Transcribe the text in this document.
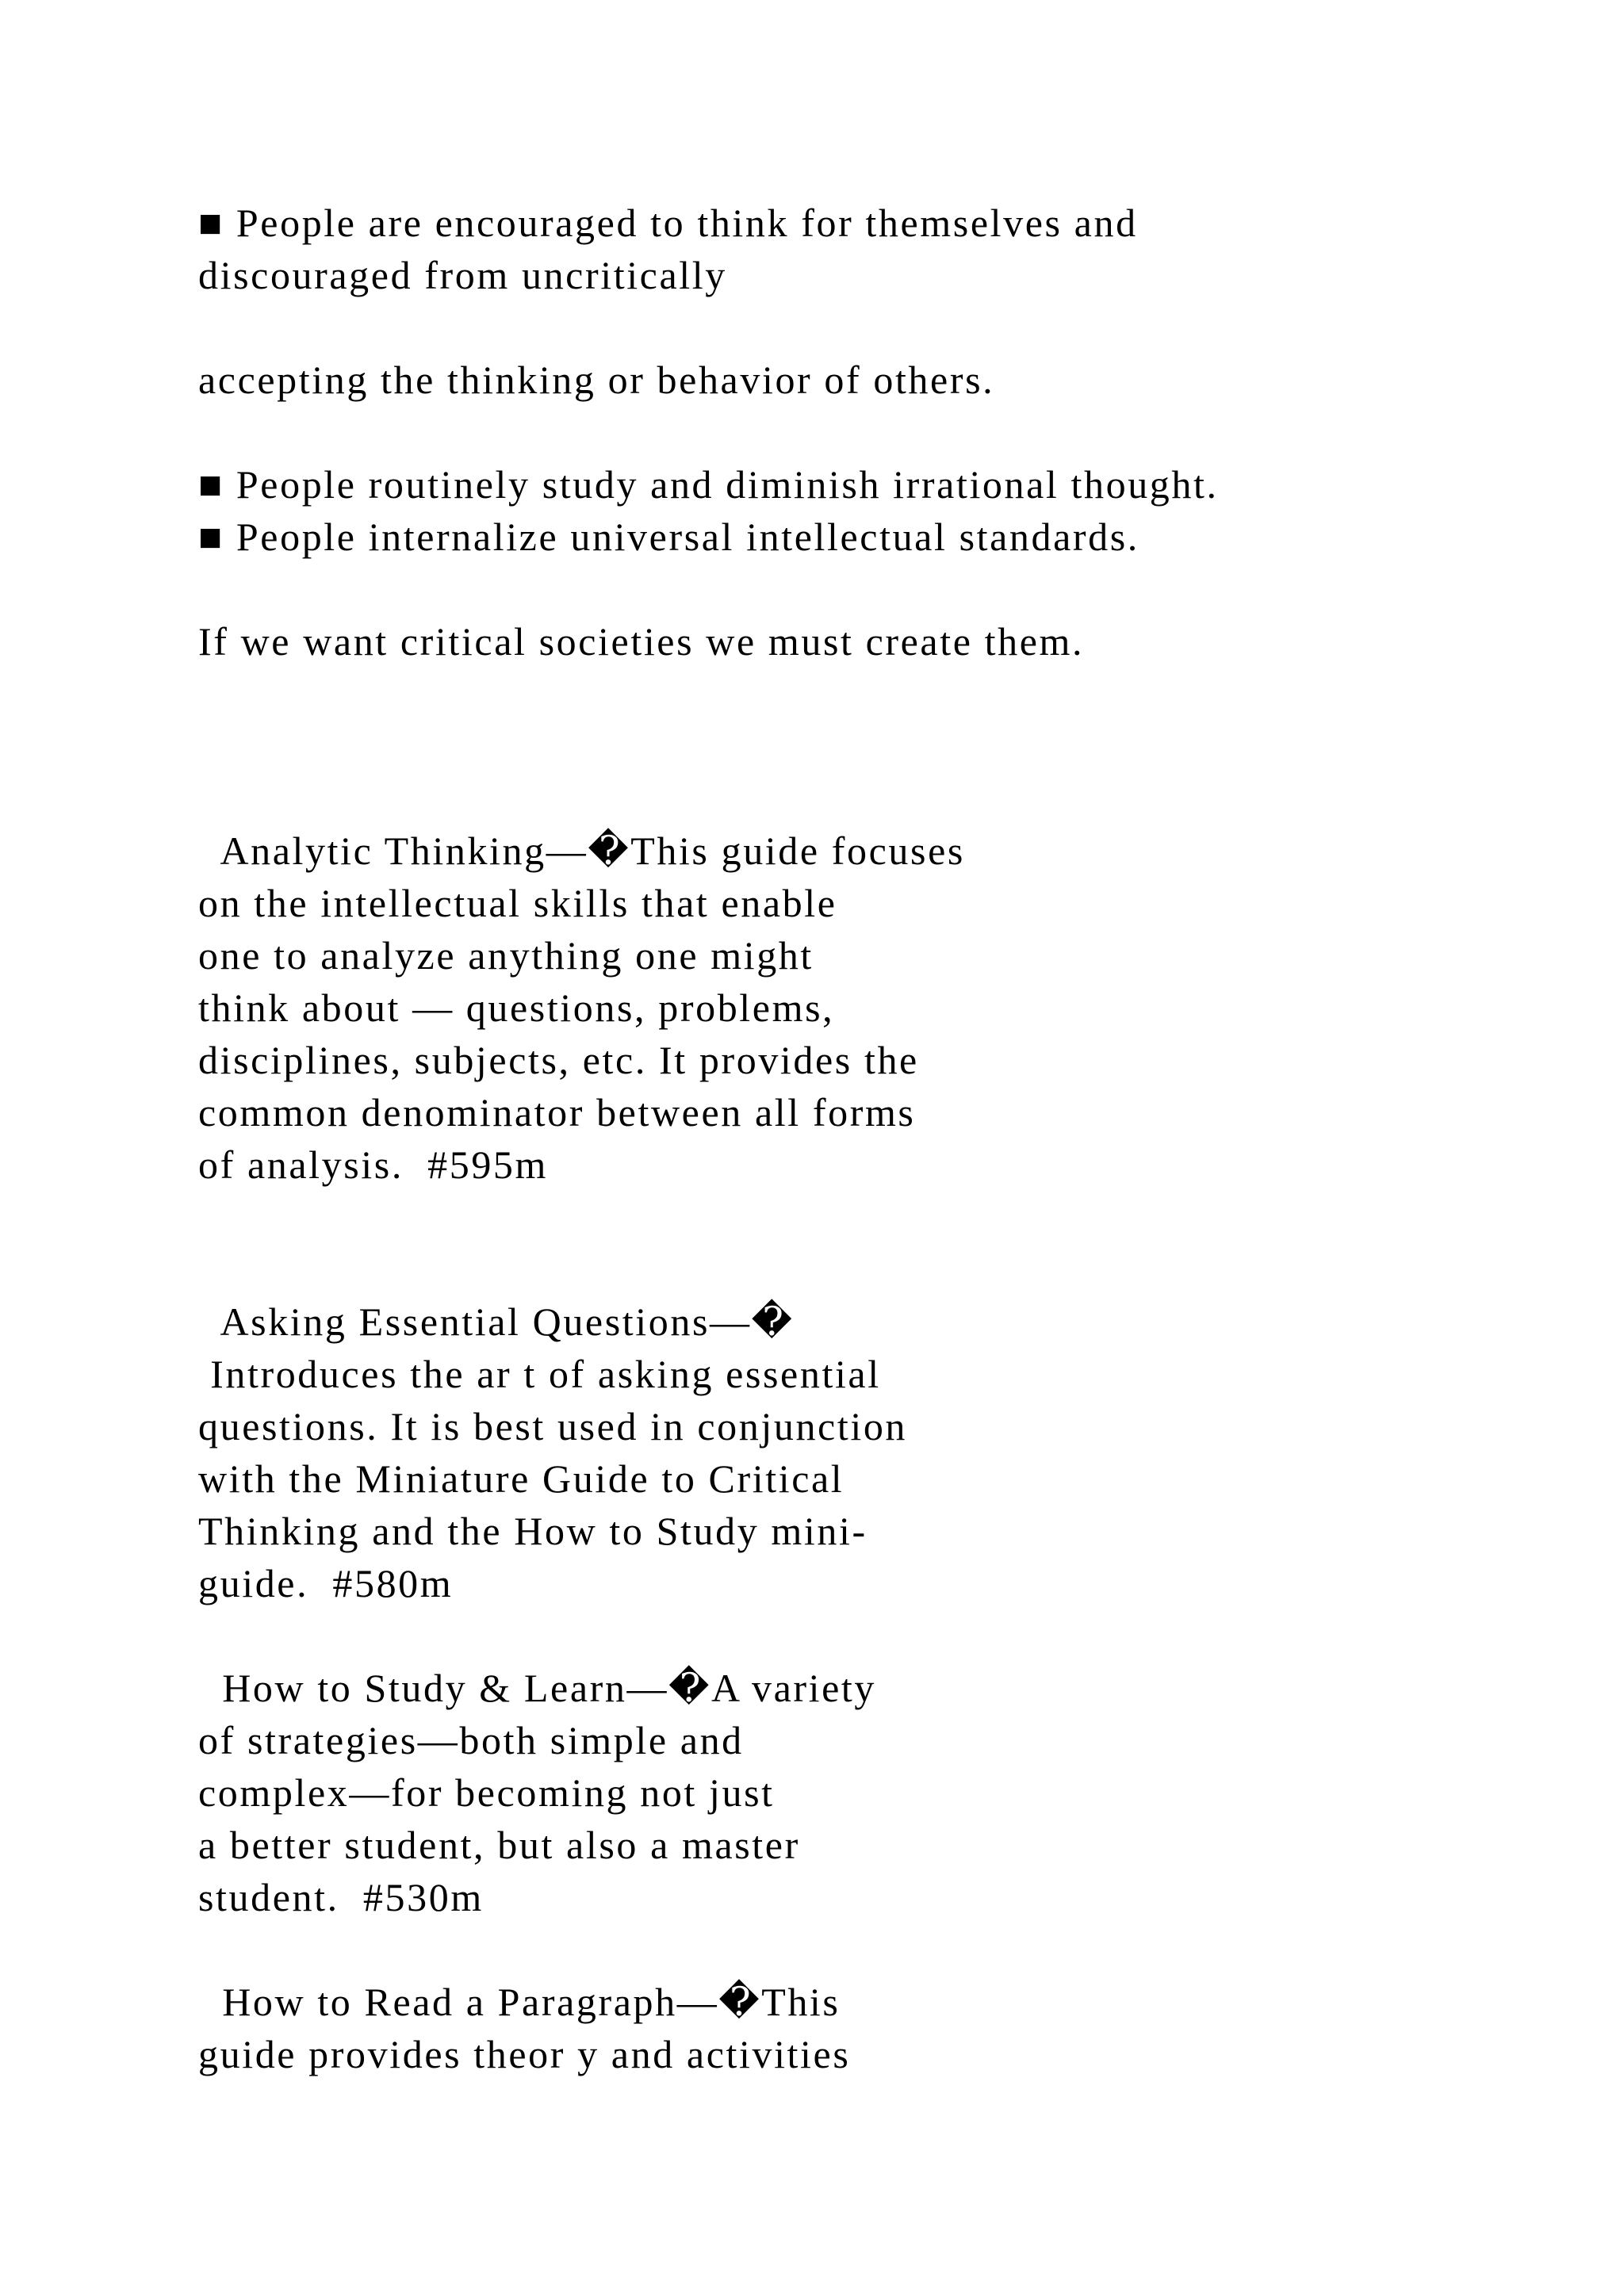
■ People are encouraged to think for themselves and
discouraged from uncritically
accepting the thinking or behavior of others.
■ People routinely study and diminish irrational thought.
■ People internalize universal intellectual standards.
If we want critical societies we must create them.
Analytic Thinking—�This guide focuses
on the intellectual skills that enable
one to analyze anything one might
think about — questions, problems,
disciplines, subjects, etc. It provides the
common denominator between all forms
of analysis.  #595m
Asking Essential Questions—�
Introduces the ar t of asking essential
questions. It is best used in conjunction
with the Miniature Guide to Critical
Thinking and the How to Study mini-
guide.  #580m
How to Study & Learn—�A variety
of strategies—both simple and
complex—for becoming not just
a better student, but also a master
student.  #530m
How to Read a Paragraph—�This
guide provides theor y and activities
